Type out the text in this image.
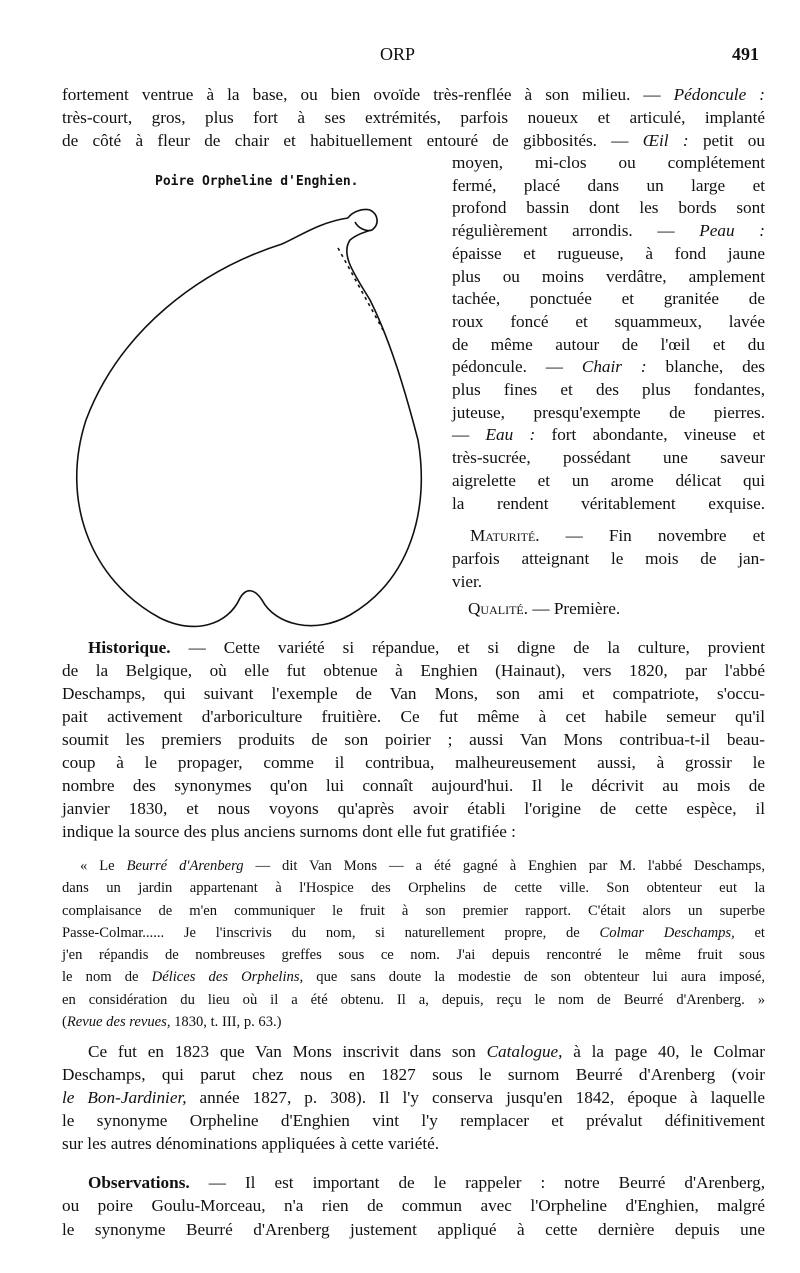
ORP	491
Poire Orpheline d'Enghien.
fortement ventrue à la base, ou bien ovoïde très-renflée à son milieu. — Pédoncule :
très-court, gros, plus fort à ses extrémités, parfois noueux et articulé, implanté
de côté à fleur de chair et habituellement entouré de gibbosités. — Œil : petit ou
moyen, mi-clos ou complétement
fermé, placé dans un large et
profond bassin dont les bords sont
régulièrement arrondis. — Peau :
épaisse et rugueuse, à fond jaune
plus ou moins verdâtre, amplement
tachée, ponctuée et granitée de
roux foncé et squammeux, lavée
de même autour de l'œil et du
pédoncule. — Chair : blanche, des
plus fines et des plus fondantes,
juteuse, presqu'exempte de pierres.
— Eau : fort abondante, vineuse et
très-sucrée, possédant une saveur
aigrelette et un arome délicat qui
la rendent véritablement exquise.
Maturité. — Fin novembre et
parfois atteignant le mois de jan-
vier.
Qualité. — Première.
Historique. — Cette variété si répandue, et si digne de la culture, provient
de la Belgique, où elle fut obtenue à Enghien (Hainaut), vers 1820, par l'abbé
Deschamps, qui suivant l'exemple de Van Mons, son ami et compatriote, s'occu-
pait activement d'arboriculture fruitière. Ce fut même à cet habile semeur qu'il
soumit les premiers produits de son poirier ; aussi Van Mons contribua-t-il beau-
coup à le propager, comme il contribua, malheureusement aussi, à grossir le
nombre des synonymes qu'on lui connaît aujourd'hui. Il le décrivit au mois de
janvier 1830, et nous voyons qu'après avoir établi l'origine de cette espèce, il
indique la source des plus anciens surnoms dont elle fut gratifiée :
« Le Beurré d'Arenberg — dit Van Mons — a été gagné à Enghien par M. l'abbé Deschamps,
dans un jardin appartenant à l'Hospice des Orphelins de cette ville. Son obtenteur eut la
complaisance de m'en communiquer le fruit à son premier rapport. C'était alors un superbe
Passe-Colmar...... Je l'inscrivis du nom, si naturellement propre, de Colmar Deschamps, et
j'en répandis de nombreuses greffes sous ce nom. J'ai depuis rencontré le même fruit sous
le nom de Délices des Orphelins, que sans doute la modestie de son obtenteur lui aura imposé,
en considération du lieu où il a été obtenu. Il a, depuis, reçu le nom de Beurré d'Arenberg. »
(Revue des revues, 1830, t. III, p. 63.)
Ce fut en 1823 que Van Mons inscrivit dans son Catalogue, à la page 40, le Colmar
Deschamps, qui parut chez nous en 1827 sous le surnom Beurré d'Arenberg (voir
le Bon-Jardinier, année 1827, p. 308). Il l'y conserva jusqu'en 1842, époque à laquelle
le synonyme Orpheline d'Enghien vint l'y remplacer et prévalut définitivement
sur les autres dénominations appliquées à cette variété.
Observations. — Il est important de le rappeler : notre Beurré d'Arenberg,
ou poire Goulu-Morceau, n'a rien de commun avec l'Orpheline d'Enghien, malgré
le synonyme Beurré d'Arenberg justement appliqué à cette dernière depuis une
